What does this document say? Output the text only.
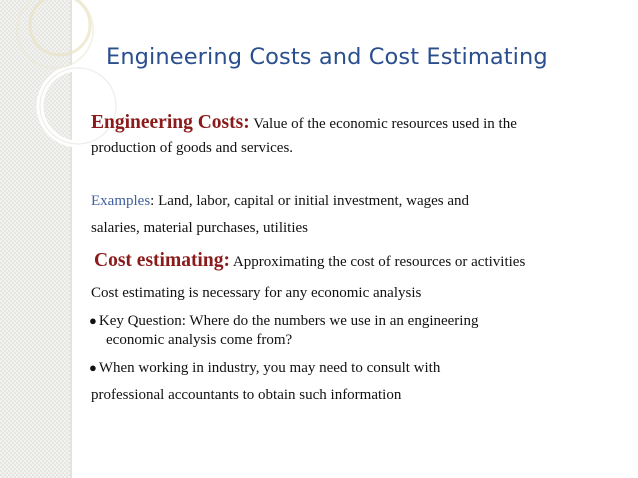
Engineering Costs and Cost Estimating
Engineering Costs: Value of the economic resources used in the
production of goods and services.
Examples: Land, labor, capital or initial investment, wages and
salaries, material purchases, utilities
Cost estimating: Approximating the cost of resources or activities
Cost estimating is necessary for any economic analysis
● Key Question: Where do the numbers we use in an engineering
economic analysis come from?
● When working in industry, you may need to consult with
professional accountants to obtain such information
